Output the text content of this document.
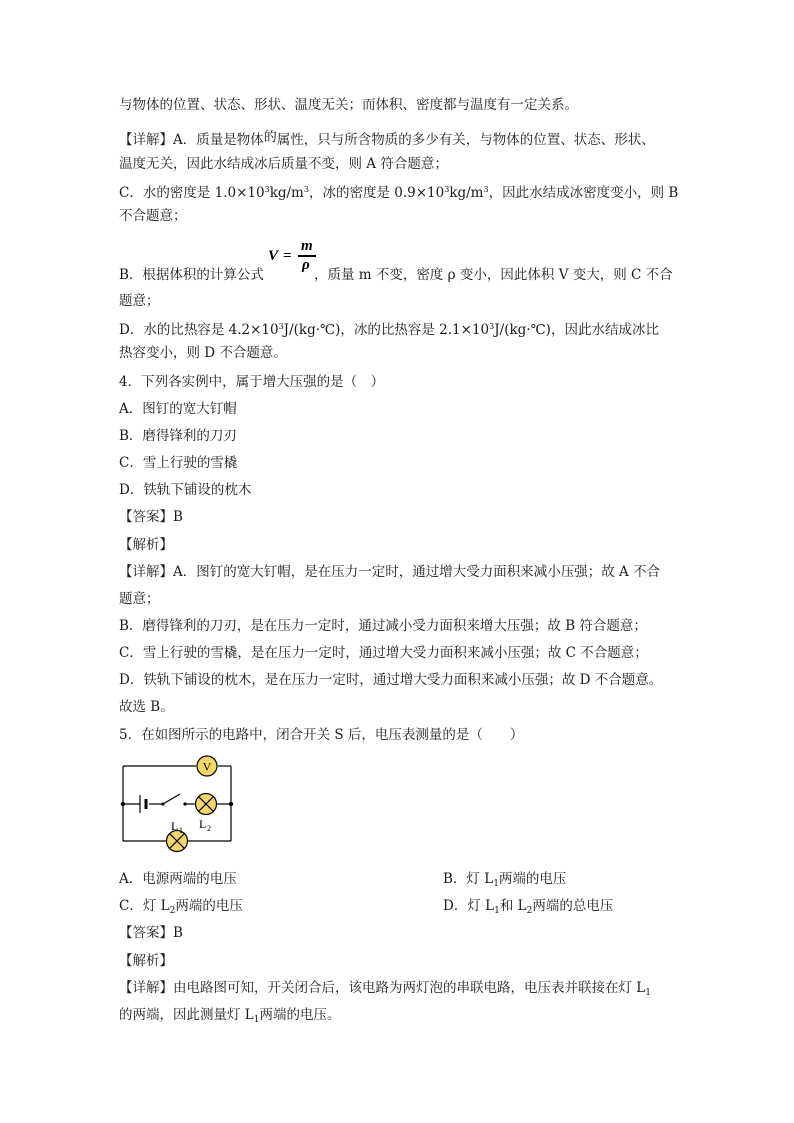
与物体的位置、状态、形状、温度无关；而体积、密度都与温度有一定关系。
【详解】A．质量是物体的属性，只与所含物质的多少有关，与物体的位置、状态、形状、
温度无关，因此水结成冰后质量不变，则 A 符合题意；
C．水的密度是 $1.0\times 10^3kg/m^3$，冰的密度是 $0.9\times 10^3kg/m^3$，因此水结成冰密度变小，则 B
不合题意；
V =
m
ρ
B．根据体积的计算公式	，质量 m 不变，密度 ρ 变小，因此体积 V 变大，则 C 不合
题意；
D．水的比热容是 $4.2\times 10^3J/(kg\cdot℃)$，冰的比热容是 $2.1\times 10^3J/(kg\cdot℃)$，因此水结成冰比
热容变小，则 D 不合题意。
4．下列各实例中，属于增大压强的是（　）
A．图钉的宽大钉帽
B．磨得锋利的刀刃
C．雪上行驶的雪橇
D．铁轨下铺设的枕木
【答案】B
【解析】
【详解】A．图钉的宽大钉帽，是在压力一定时，通过增大受力面积来减小压强；故 A 不合
题意；
B．磨得锋利的刀刃，是在压力一定时，通过减小受力面积来增大压强；故 B 符合题意；
C．雪上行驶的雪橇，是在压力一定时，通过增大受力面积来减小压强；故 C 不合题意；
D．铁轨下铺设的枕木，是在压力一定时，通过增大受力面积来减小压强；故 D 不合题意。
故选 B。
5．在如图所示的电路中，闭合开关 S 后，电压表测量的是（　　）
V
L 1 L 2
A．电源两端的电压	B．灯 $L_1$两端的电压
C．灯 $L_2$两端的电压	D．灯 $L_1$和 $L_2$两端的总电压
【答案】B
【解析】
【详解】由电路图可知，开关闭合后，该电路为两灯泡的串联电路，电压表并联接在灯 $L_1$
的两端，因此测量灯 $L_1$两端的电压。
